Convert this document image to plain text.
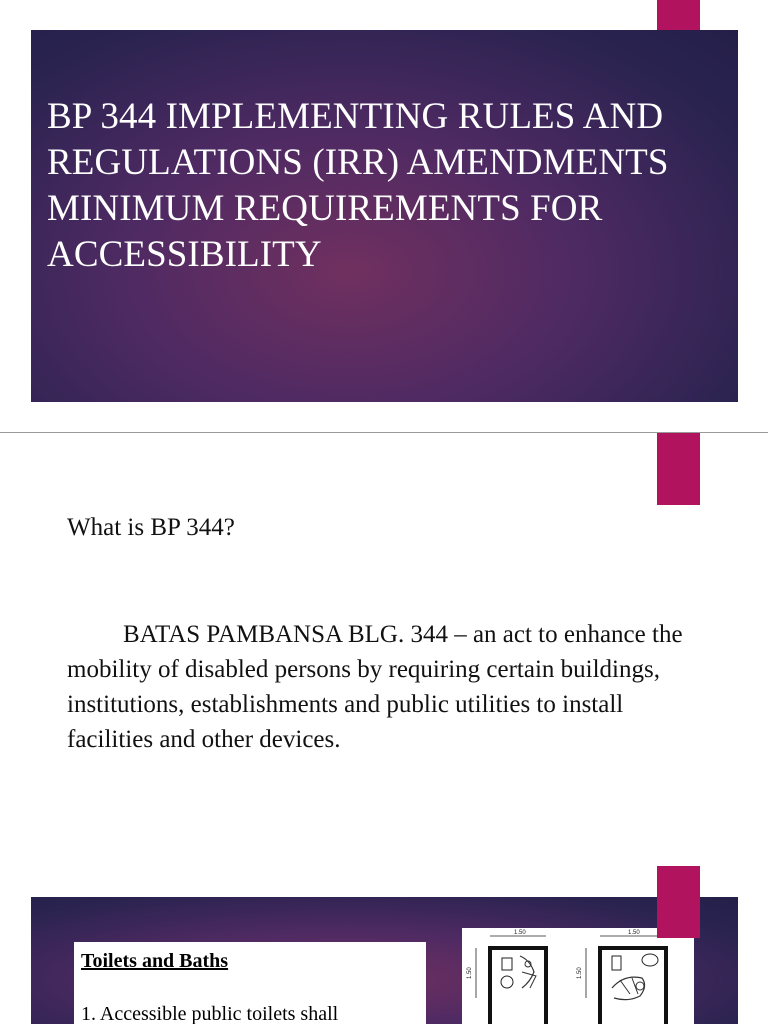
BP 344 IMPLEMENTING RULES AND REGULATIONS (IRR) AMENDMENTS MINIMUM REQUIREMENTS FOR ACCESSIBILITY

What is BP 344?

BATAS PAMBANSA BLG. 344 – an act to enhance the mobility of disabled persons by requiring certain buildings, institutions, establishments and public utilities to install facilities and other devices.

Toilets and Baths

1. Accessible public toilets shall

1.50
1.50
1.50
1.50
